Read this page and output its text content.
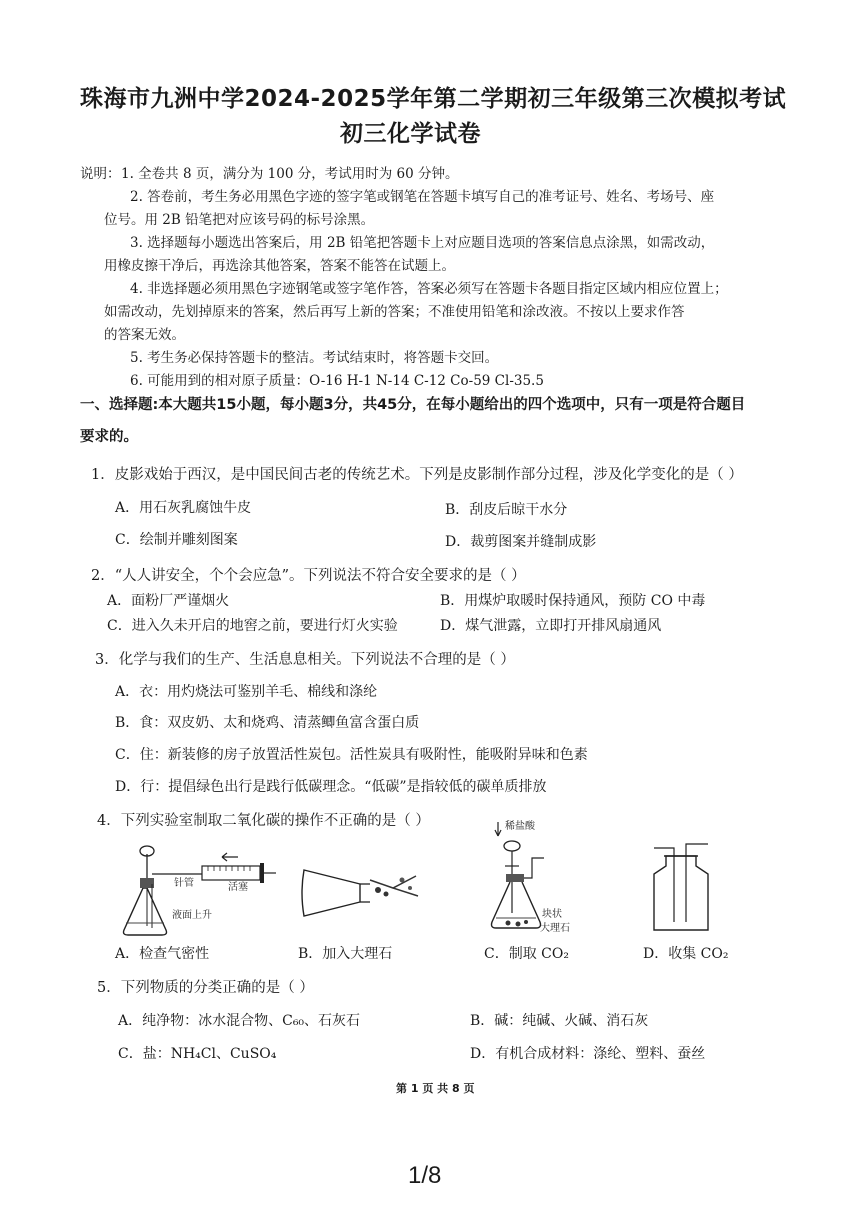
珠海市九洲中学2024-2025学年第二学期初三年级第三次模拟考试
初三化学试卷
说明： 1. 全卷共 8 页，满分为 100 分，考试用时为 60 分钟。
2. 答卷前，考生务必用黑色字迹的签字笔或钢笔在答题卡填写自己的准考证号、姓名、考场号、座
位号。用 2B 铅笔把对应该号码的标号涂黑。
3. 选择题每小题选出答案后，用 2B 铅笔把答题卡上对应题目选项的答案信息点涂黑，如需改动，
用橡皮擦干净后，再选涂其他答案，答案不能答在试题上。
4. 非选择题必须用黑色字迹钢笔或签字笔作答，答案必须写在答题卡各题目指定区域内相应位置上；
如需改动，先划掉原来的答案，然后再写上新的答案；不准使用铅笔和涂改液。不按以上要求作答
的答案无效。
5. 考生务必保持答题卡的整洁。考试结束时，将答题卡交回。
6. 可能用到的相对原子质量：O-16 H-1 N-14 C-12 Co-59 Cl-35.5
一、选择题:本大题共15小题，每小题3分，共45分，在每小题给出的四个选项中，只有一项是符合题目
要求的。
1．皮影戏始于西汉，是中国民间古老的传统艺术。下列是皮影制作部分过程，涉及化学变化的是（ ）
A．用石灰乳腐蚀牛皮	B．刮皮后晾干水分
C．绘制并雕刻图案	D．裁剪图案并缝制成影
2．“人人讲安全，个个会应急”。下列说法不符合安全要求的是（ ）
A．面粉厂严谨烟火	B．用煤炉取暖时保持通风，预防 CO 中毒
C．进入久未开启的地窖之前，要进行灯火实验	D．煤气泄露，立即打开排风扇通风
3．化学与我们的生产、生活息息相关。下列说法不合理的是（ ）
A．衣：用灼烧法可鉴别羊毛、棉线和涤纶
B．食：双皮奶、太和烧鸡、清蒸鲫鱼富含蛋白质
C．住：新装修的房子放置活性炭包。活性炭具有吸附性，能吸附异味和色素
D．行：提倡绿色出行是践行低碳理念。“低碳”是指较低的碳单质排放
4．下列实验室制取二氧化碳的操作不正确的是（ ）
针管	活塞
液面上升
稀盐酸
块状
大理石
A．检查气密性	B．加入大理石	C．制取 CO₂	D．收集 CO₂
5．下列物质的分类正确的是（ ）
A．纯净物：冰水混合物、C₆₀、石灰石	B．碱：纯碱、火碱、消石灰
C．盐：NH₄Cl、CuSO₄	D．有机合成材料：涤纶、塑料、蚕丝
第 1 页 共 8 页
1/8
